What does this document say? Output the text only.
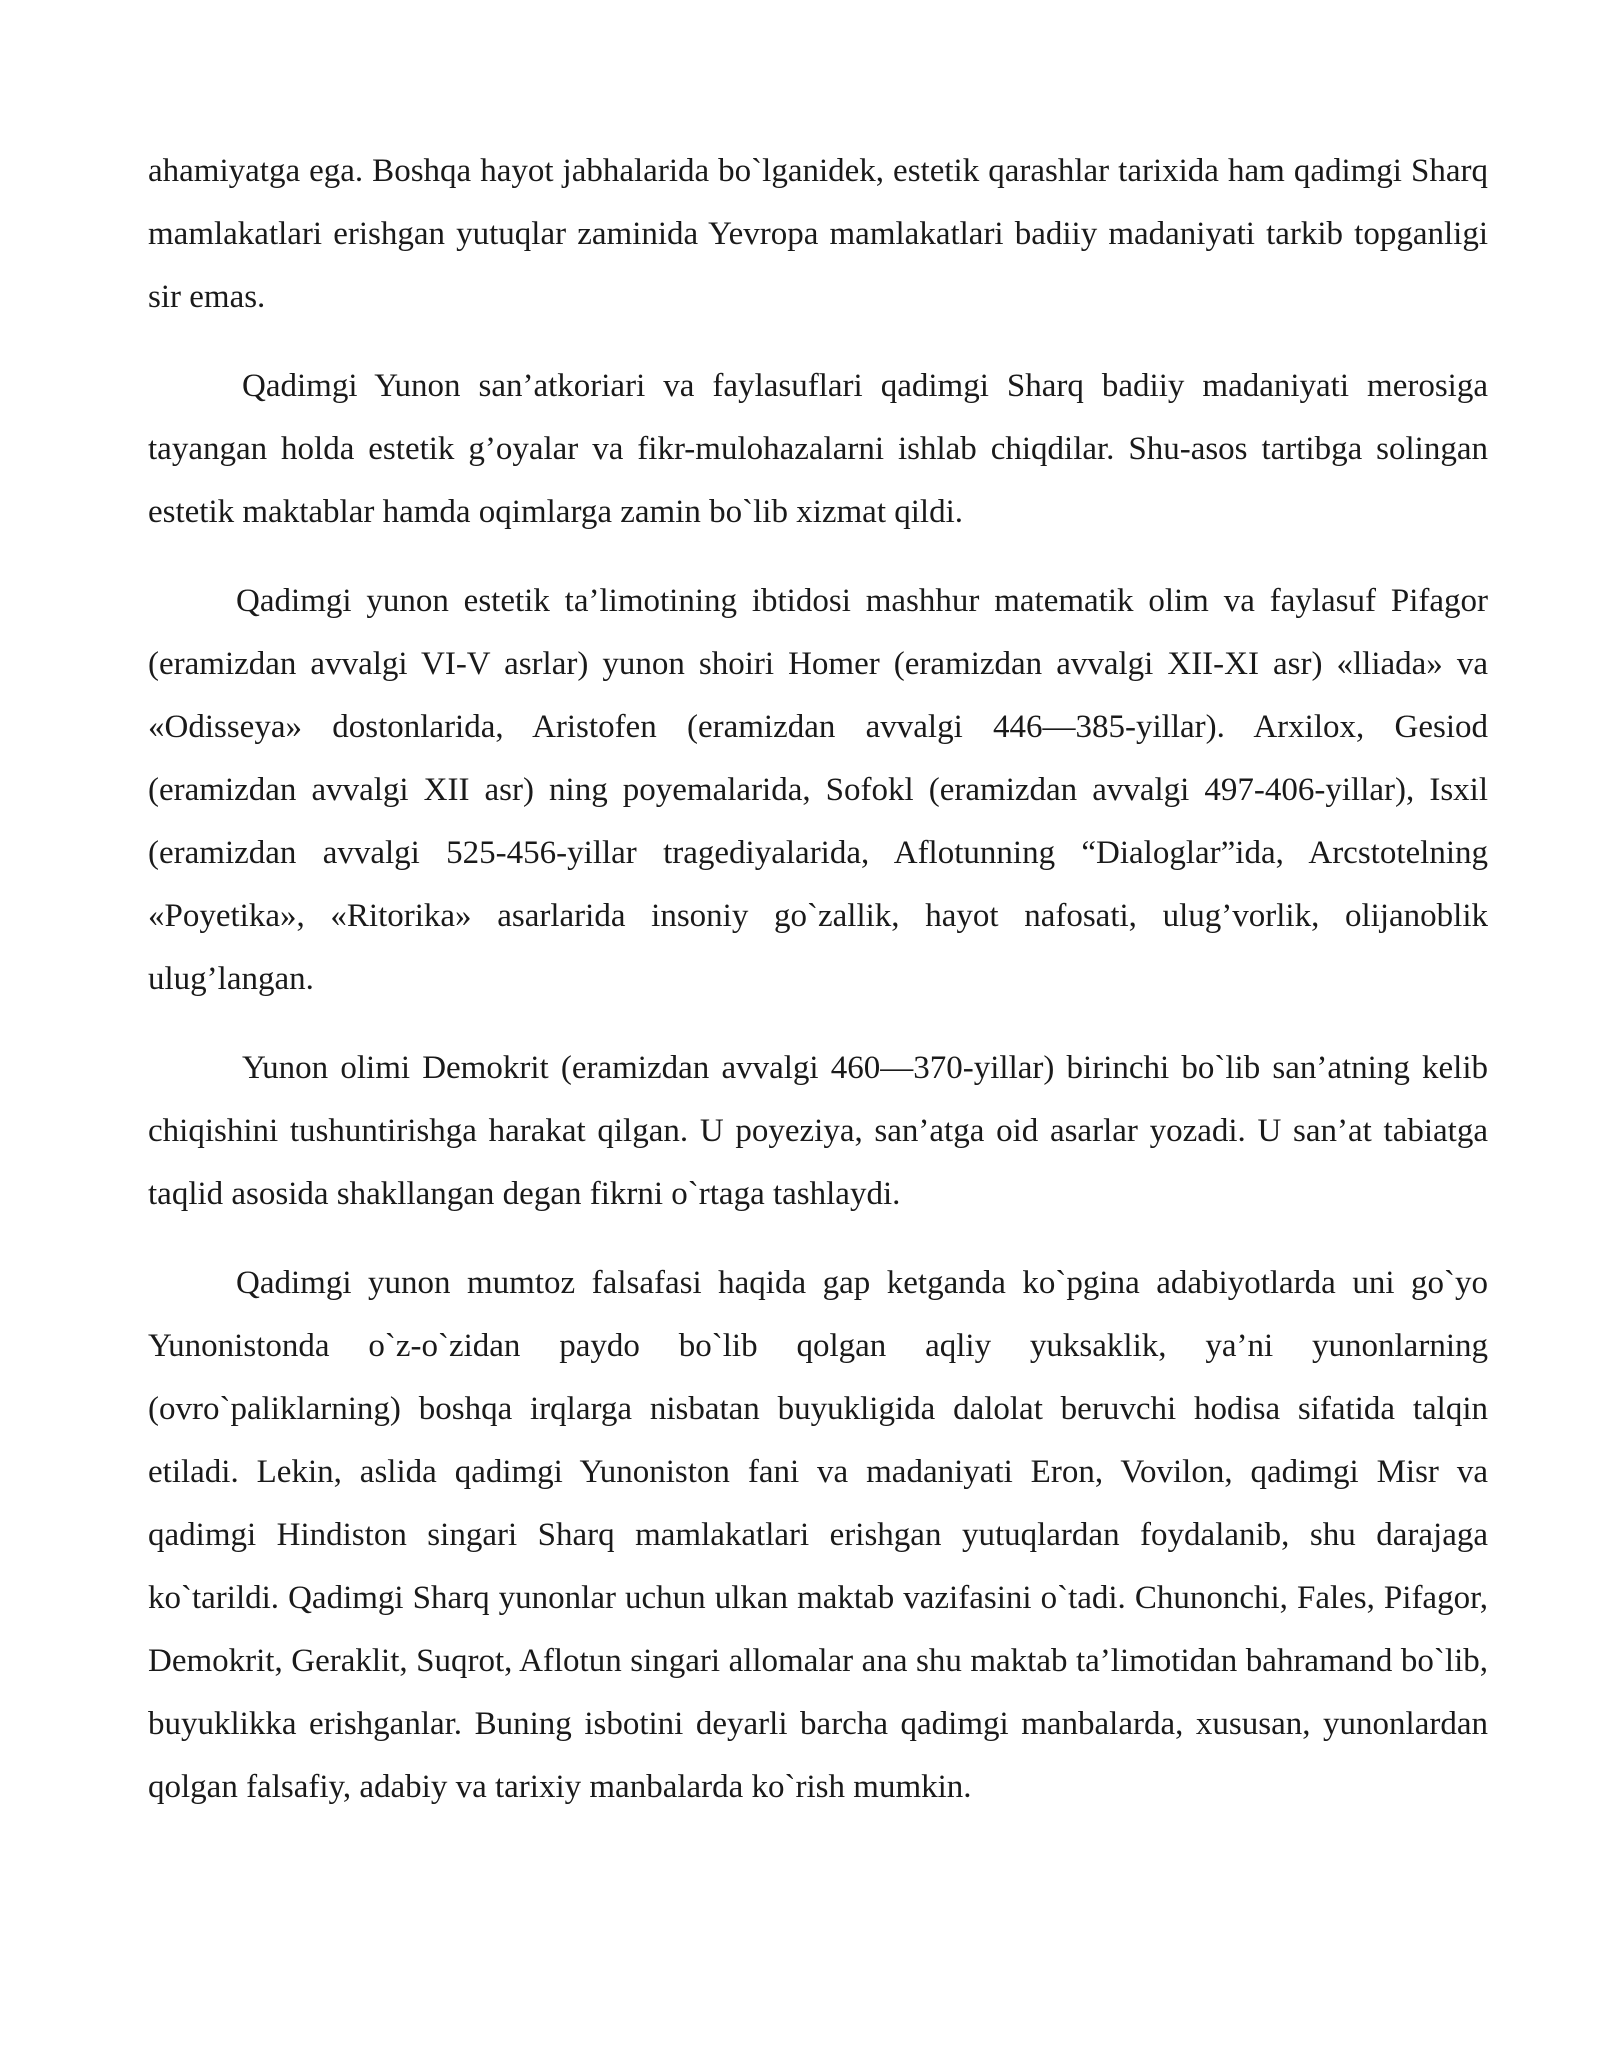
ahamiyatga ega. Boshqa hayot jabhalarida bo`lganidek, estetik qarashlar tarixida ham qadimgi Sharq mamlakatlari erishgan yutuqlar zaminida Yevropa mamlakatlari badiiy madaniyati tarkib topganligi sir emas.

Qadimgi Yunon san’atkoriari va faylasuflari qadimgi Sharq badiiy madaniyati merosiga tayangan holda estetik g’oyalar va fikr-mulohazalarni ishlab chiqdilar. Shu-asos tartibga solingan estetik maktablar hamda oqimlarga zamin bo`lib xizmat qildi.

Qadimgi yunon estetik ta’limotining ibtidosi mashhur matematik olim va faylasuf Pifagor (eramizdan avvalgi VI-V asrlar) yunon shoiri Homer (eramizdan avvalgi XII-XI asr) «lliada» va «Odisseya» dostonlarida, Aristofen (eramizdan avvalgi 446—385-yillar). Arxilox, Gesiod (eramizdan avvalgi XII asr) ning poyemalarida, Sofokl (eramizdan avvalgi 497-406-yillar), Isxil (eramizdan avvalgi 525-456-yillar tragediyalarida, Aflotunning “Dialoglar”ida, Arcstotelning «Poyetika», «Ritorika» asarlarida insoniy go`zallik, hayot nafosati, ulug’vorlik, olijanoblik ulug’langan.

Yunon olimi Demokrit (eramizdan avvalgi 460—370-yillar) birinchi bo`lib san’atning kelib chiqishini tushuntirishga harakat qilgan. U poyeziya, san’atga oid asarlar yozadi. U san’at tabiatga taqlid asosida shakllangan degan fikrni o`rtaga tashlaydi.

Qadimgi yunon mumtoz falsafasi haqida gap ketganda ko`pgina adabiyotlarda uni go`yo Yunonistonda o`z-o`zidan paydo bo`lib qolgan aqliy yuksaklik, ya’ni yunonlarning (ovro`paliklarning) boshqa irqlarga nisbatan buyukligida dalolat beruvchi hodisa sifatida talqin etiladi. Lekin, aslida qadimgi Yunoniston fani va madaniyati Eron, Vovilon, qadimgi Misr va qadimgi Hindiston singari Sharq mamlakatlari erishgan yutuqlardan foydalanib, shu darajaga ko`tarildi. Qadimgi Sharq yunonlar uchun ulkan maktab vazifasini o`tadi. Chunonchi, Fales, Pifagor, Demokrit, Geraklit, Suqrot, Aflotun singari allomalar ana shu maktab ta’limotidan bahramand bo`lib, buyuklikka erishganlar. Buning isbotini deyarli barcha qadimgi manbalarda, xususan, yunonlardan qolgan falsafiy, adabiy va tarixiy manbalarda ko`rish mumkin.
